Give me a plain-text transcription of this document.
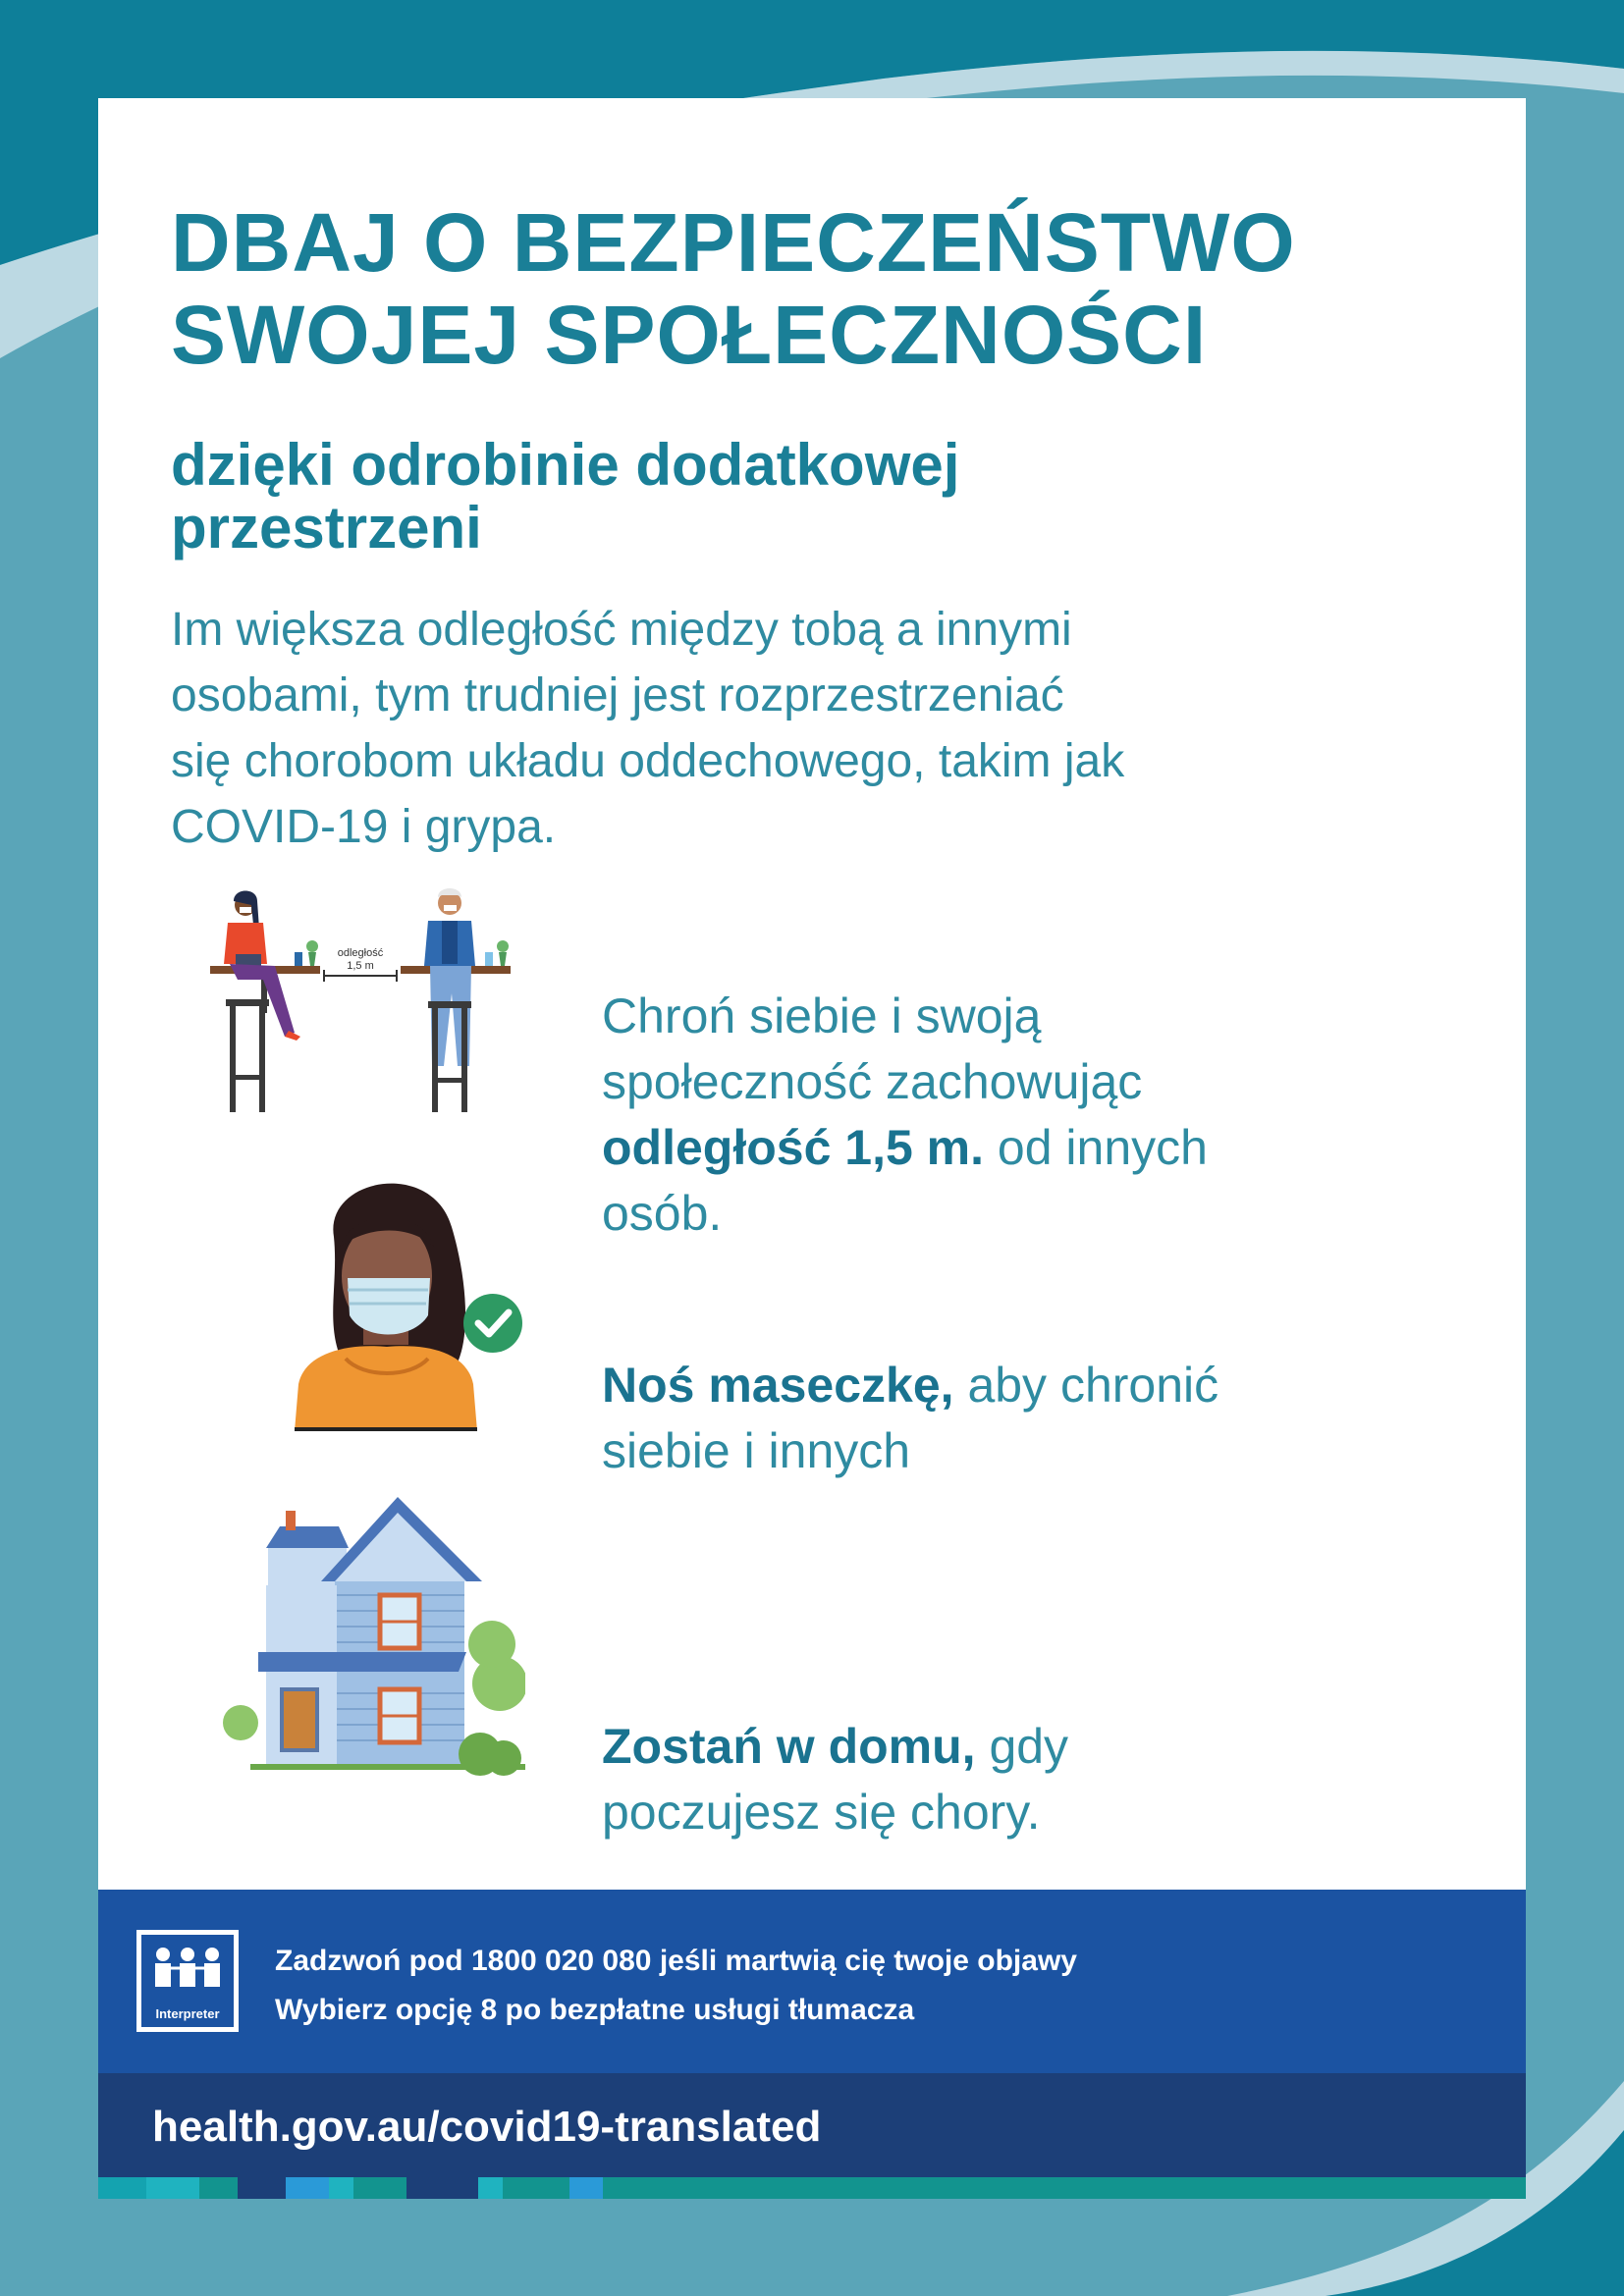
DBAJ O BEZPIECZEŃSTWO
SWOJEJ SPOŁECZNOŚCI
dzięki odrobinie dodatkowej
przestrzeni

Im większa odległość między tobą a innymi
osobami, tym trudniej jest rozprzestrzeniać
się chorobom układu oddechowego, takim jak
COVID-19 i grypa.

odległość
1,5 m

Chroń siebie i swoją
społeczność zachowując
odległość 1,5 m. od innych
osób.

Noś maseczkę, aby chronić
siebie i innych

Zostań w domu, gdy
poczujesz się chory.

Interpreter

Zadzwoń pod 1800 020 080 jeśli martwią cię twoje objawy
Wybierz opcję 8 po bezpłatne usługi tłumacza

health.gov.au/covid19-translated
